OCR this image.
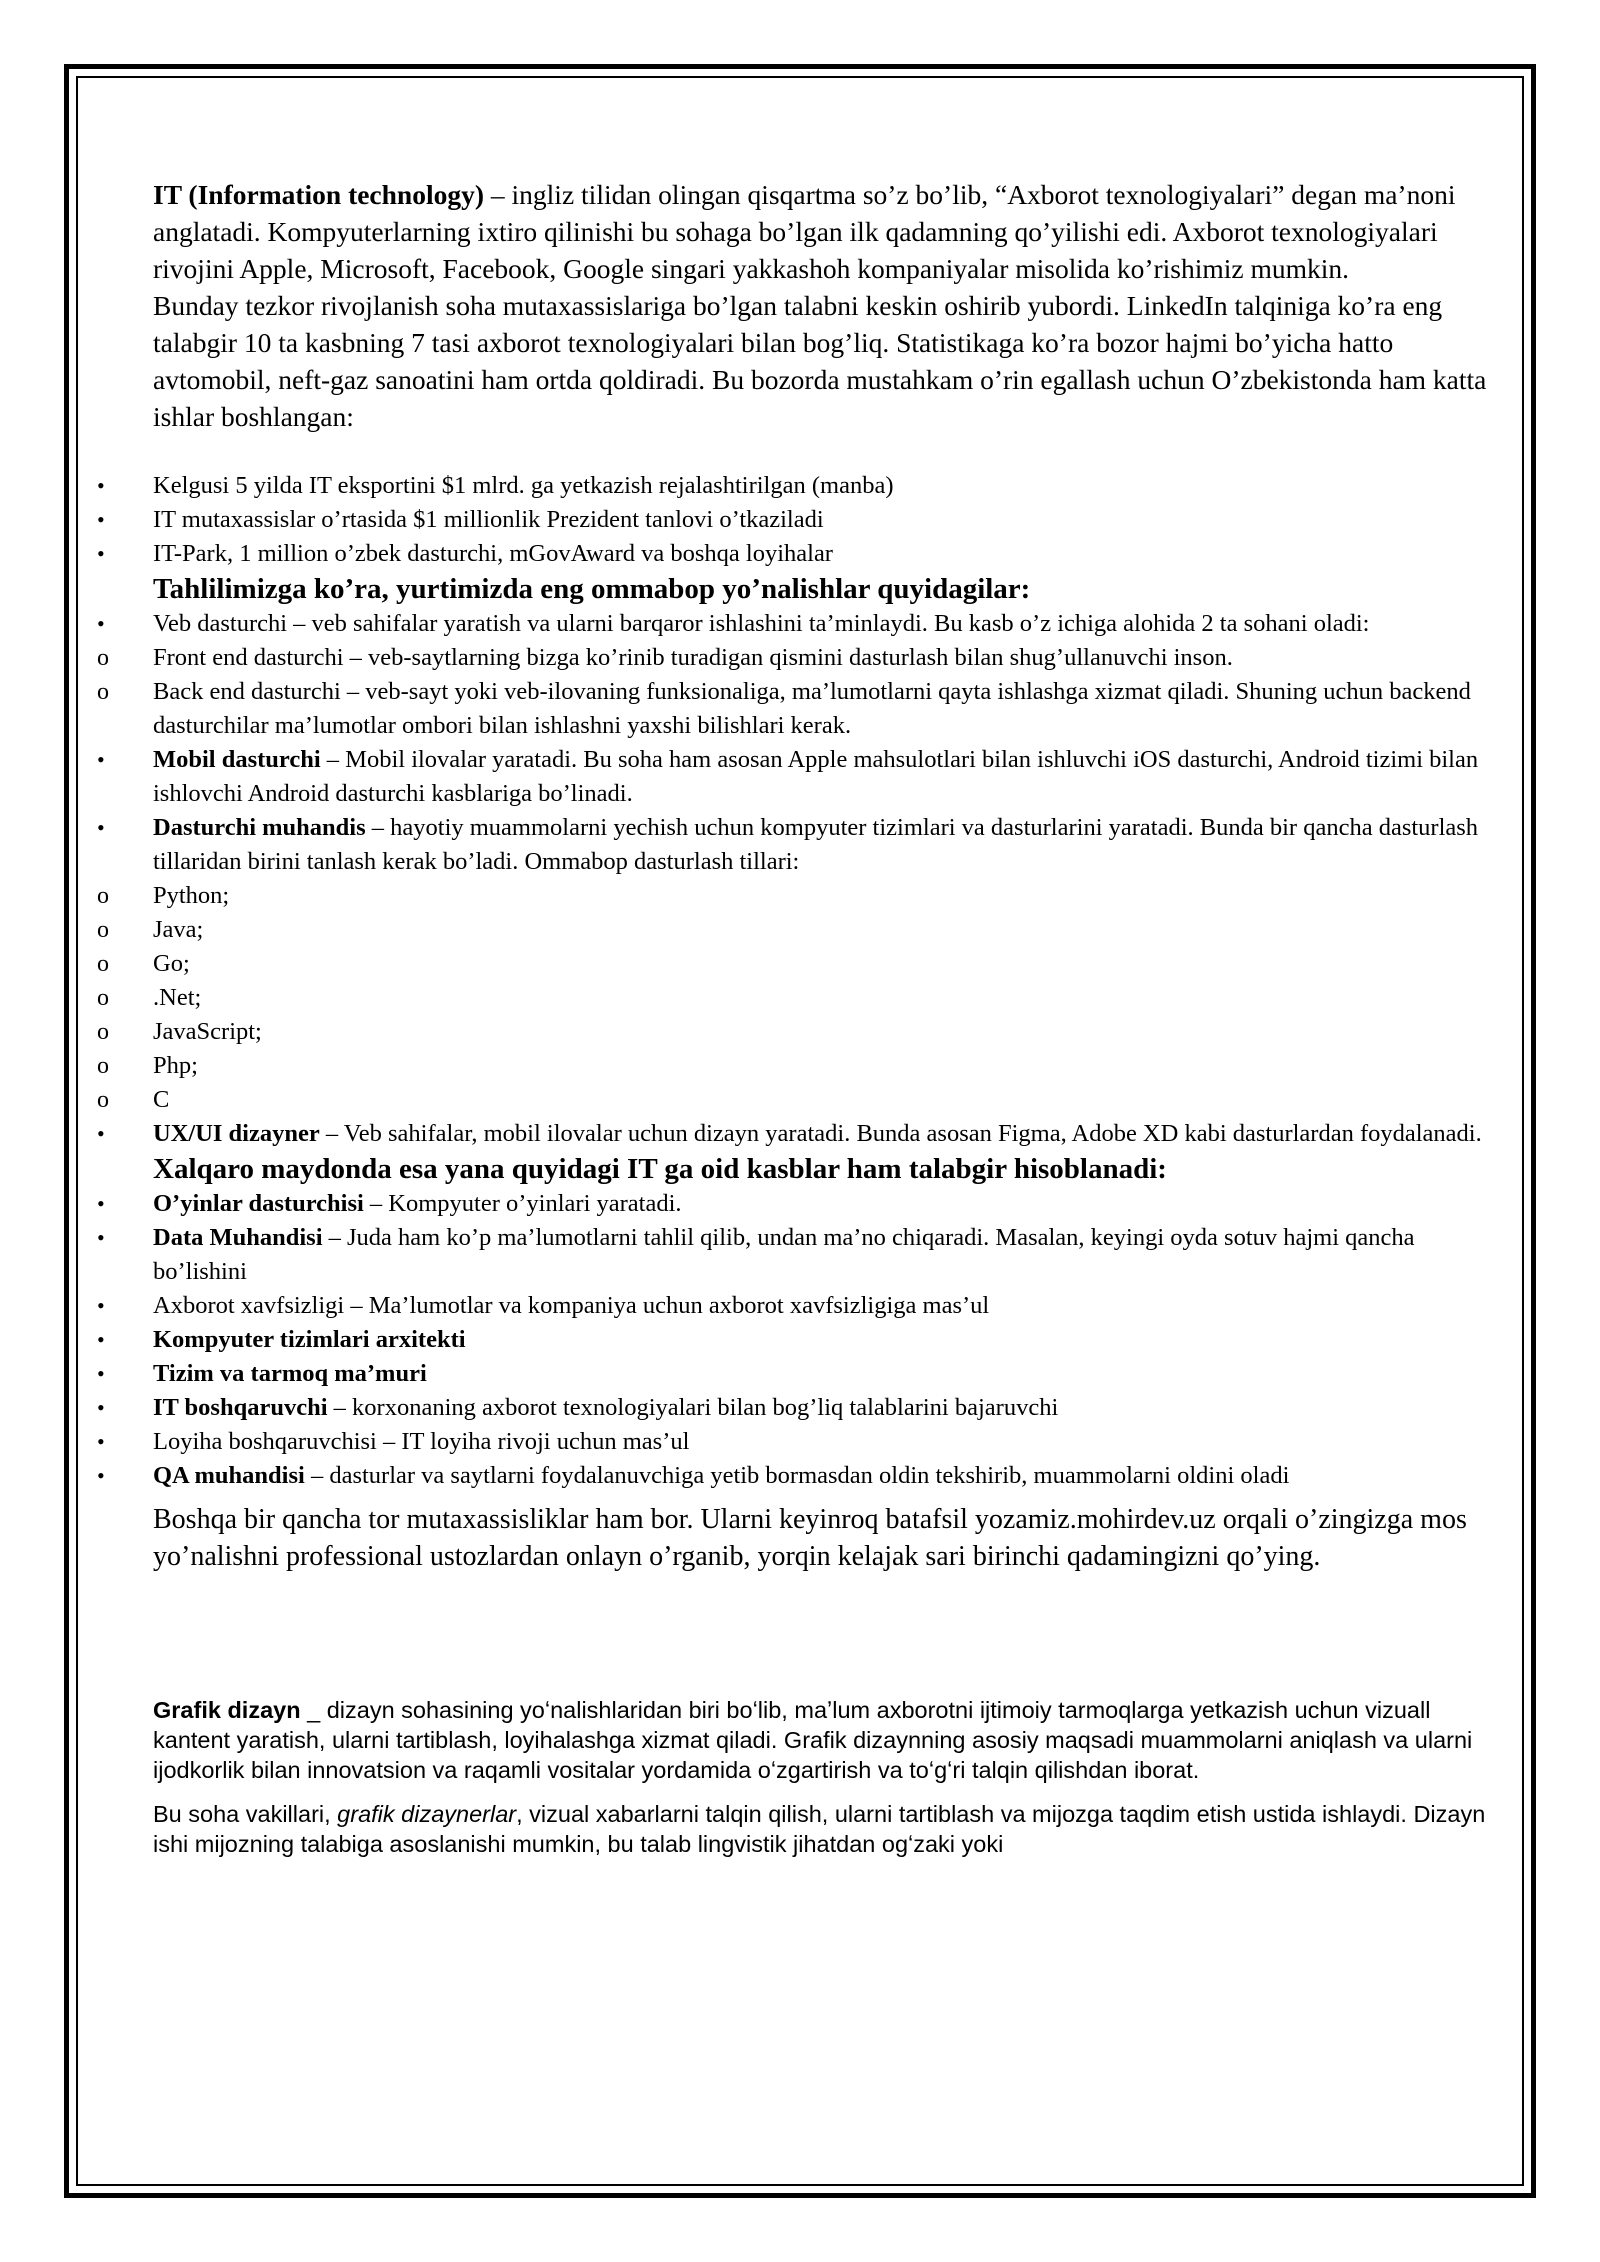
IT (Information technology) – ingliz tilidan olingan qisqartma so’z bo’lib, “Axborot texnologiyalari” degan ma’noni anglatadi. Kompyuterlarning ixtiro qilinishi bu sohaga bo’lgan ilk qadamning qo’yilishi edi. Axborot texnologiyalari rivojini Apple, Microsoft, Facebook, Google singari yakkashoh kompaniyalar misolida ko’rishimiz mumkin.

Bunday tezkor rivojlanish soha mutaxassislariga bo’lgan talabni keskin oshirib yubordi. LinkedIn talqiniga ko’ra eng talabgir 10 ta kasbning 7 tasi axborot texnologiyalari bilan bog’liq. Statistikaga ko’ra bozor hajmi bo’yicha hatto avtomobil, neft-gaz sanoatini ham ortda qoldiradi. Bu bozorda mustahkam o’rin egallash uchun O’zbekistonda ham katta ishlar boshlangan:

•	Kelgusi 5 yilda IT eksportini $1 mlrd. ga yetkazish rejalashtirilgan (manba)
•	IT mutaxassislar o’rtasida $1 millionlik Prezident tanlovi o’tkaziladi
•	IT-Park, 1 million o’zbek dasturchi, mGovAward va boshqa loyihalar

Tahlilimizga ko’ra, yurtimizda eng ommabop yo’nalishlar quyidagilar:

•	Veb dasturchi – veb sahifalar yaratish va ularni barqaror ishlashini ta’minlaydi. Bu kasb o’z ichiga alohida 2 ta sohani oladi:
o	Front end dasturchi – veb-saytlarning bizga ko’rinib turadigan qismini dasturlash bilan shug’ullanuvchi inson.
o	Back end dasturchi – veb-sayt yoki veb-ilovaning funksionaliga, ma’lumotlarni qayta ishlashga xizmat qiladi. Shuning uchun backend dasturchilar ma’lumotlar ombori bilan ishlashni yaxshi bilishlari kerak.
•	Mobil dasturchi – Mobil ilovalar yaratadi. Bu soha ham asosan Apple mahsulotlari bilan ishluvchi iOS dasturchi, Android tizimi bilan ishlovchi Android dasturchi kasblariga bo’linadi.
•	Dasturchi muhandis – hayotiy muammolarni yechish uchun kompyuter tizimlari va dasturlarini yaratadi. Bunda bir qancha dasturlash tillaridan birini tanlash kerak bo’ladi. Ommabop dasturlash tillari:
o	Python;
o	Java;
o	Go;
o	.Net;
o	JavaScript;
o	Php;
o	C
•	UX/UI dizayner – Veb sahifalar, mobil ilovalar uchun dizayn yaratadi. Bunda asosan Figma, Adobe XD kabi dasturlardan foydalanadi.

Xalqaro maydonda esa yana quyidagi IT ga oid kasblar ham talabgir hisoblanadi:

•	O’yinlar dasturchisi – Kompyuter o’yinlari yaratadi.
•	Data Muhandisi – Juda ham ko’p ma’lumotlarni tahlil qilib, undan ma’no chiqaradi. Masalan, keyingi oyda sotuv hajmi qancha bo’lishini
•	Axborot xavfsizligi – Ma’lumotlar va kompaniya uchun axborot xavfsizligiga mas’ul
•	Kompyuter tizimlari arxitekti
•	Tizim va tarmoq ma’muri
•	IT boshqaruvchi – korxonaning axborot texnologiyalari bilan bog’liq talablarini bajaruvchi
•	Loyiha boshqaruvchisi – IT loyiha rivoji uchun mas’ul
•	QA muhandisi – dasturlar va saytlarni foydalanuvchiga yetib bormasdan oldin tekshirib, muammolarni oldini oladi

Boshqa bir qancha tor mutaxassisliklar ham bor. Ularni keyinroq batafsil yozamiz.mohirdev.uz orqali o’zingizga mos yo’nalishni professional ustozlardan onlayn o’rganib, yorqin kelajak sari birinchi qadamingizni qo’ying.

Grafik dizayn _ dizayn sohasining yoʻnalishlaridan biri boʻlib, maʼlum axborotni ijtimoiy tarmoqlarga yetkazish uchun vizuall kantent yaratish, ularni tartiblash, loyihalashga xizmat qiladi. Grafik dizaynning asosiy maqsadi muammolarni aniqlash va ularni ijodkorlik bilan innovatsion va raqamli vositalar yordamida oʻzgartirish va toʻgʻri talqin qilishdan iborat.

Bu soha vakillari, grafik dizaynerlar, vizual xabarlarni talqin qilish, ularni tartiblash va mijozga taqdim etish ustida ishlaydi. Dizayn ishi mijozning talabiga asoslanishi mumkin, bu talab lingvistik jihatdan ogʻzaki yoki
